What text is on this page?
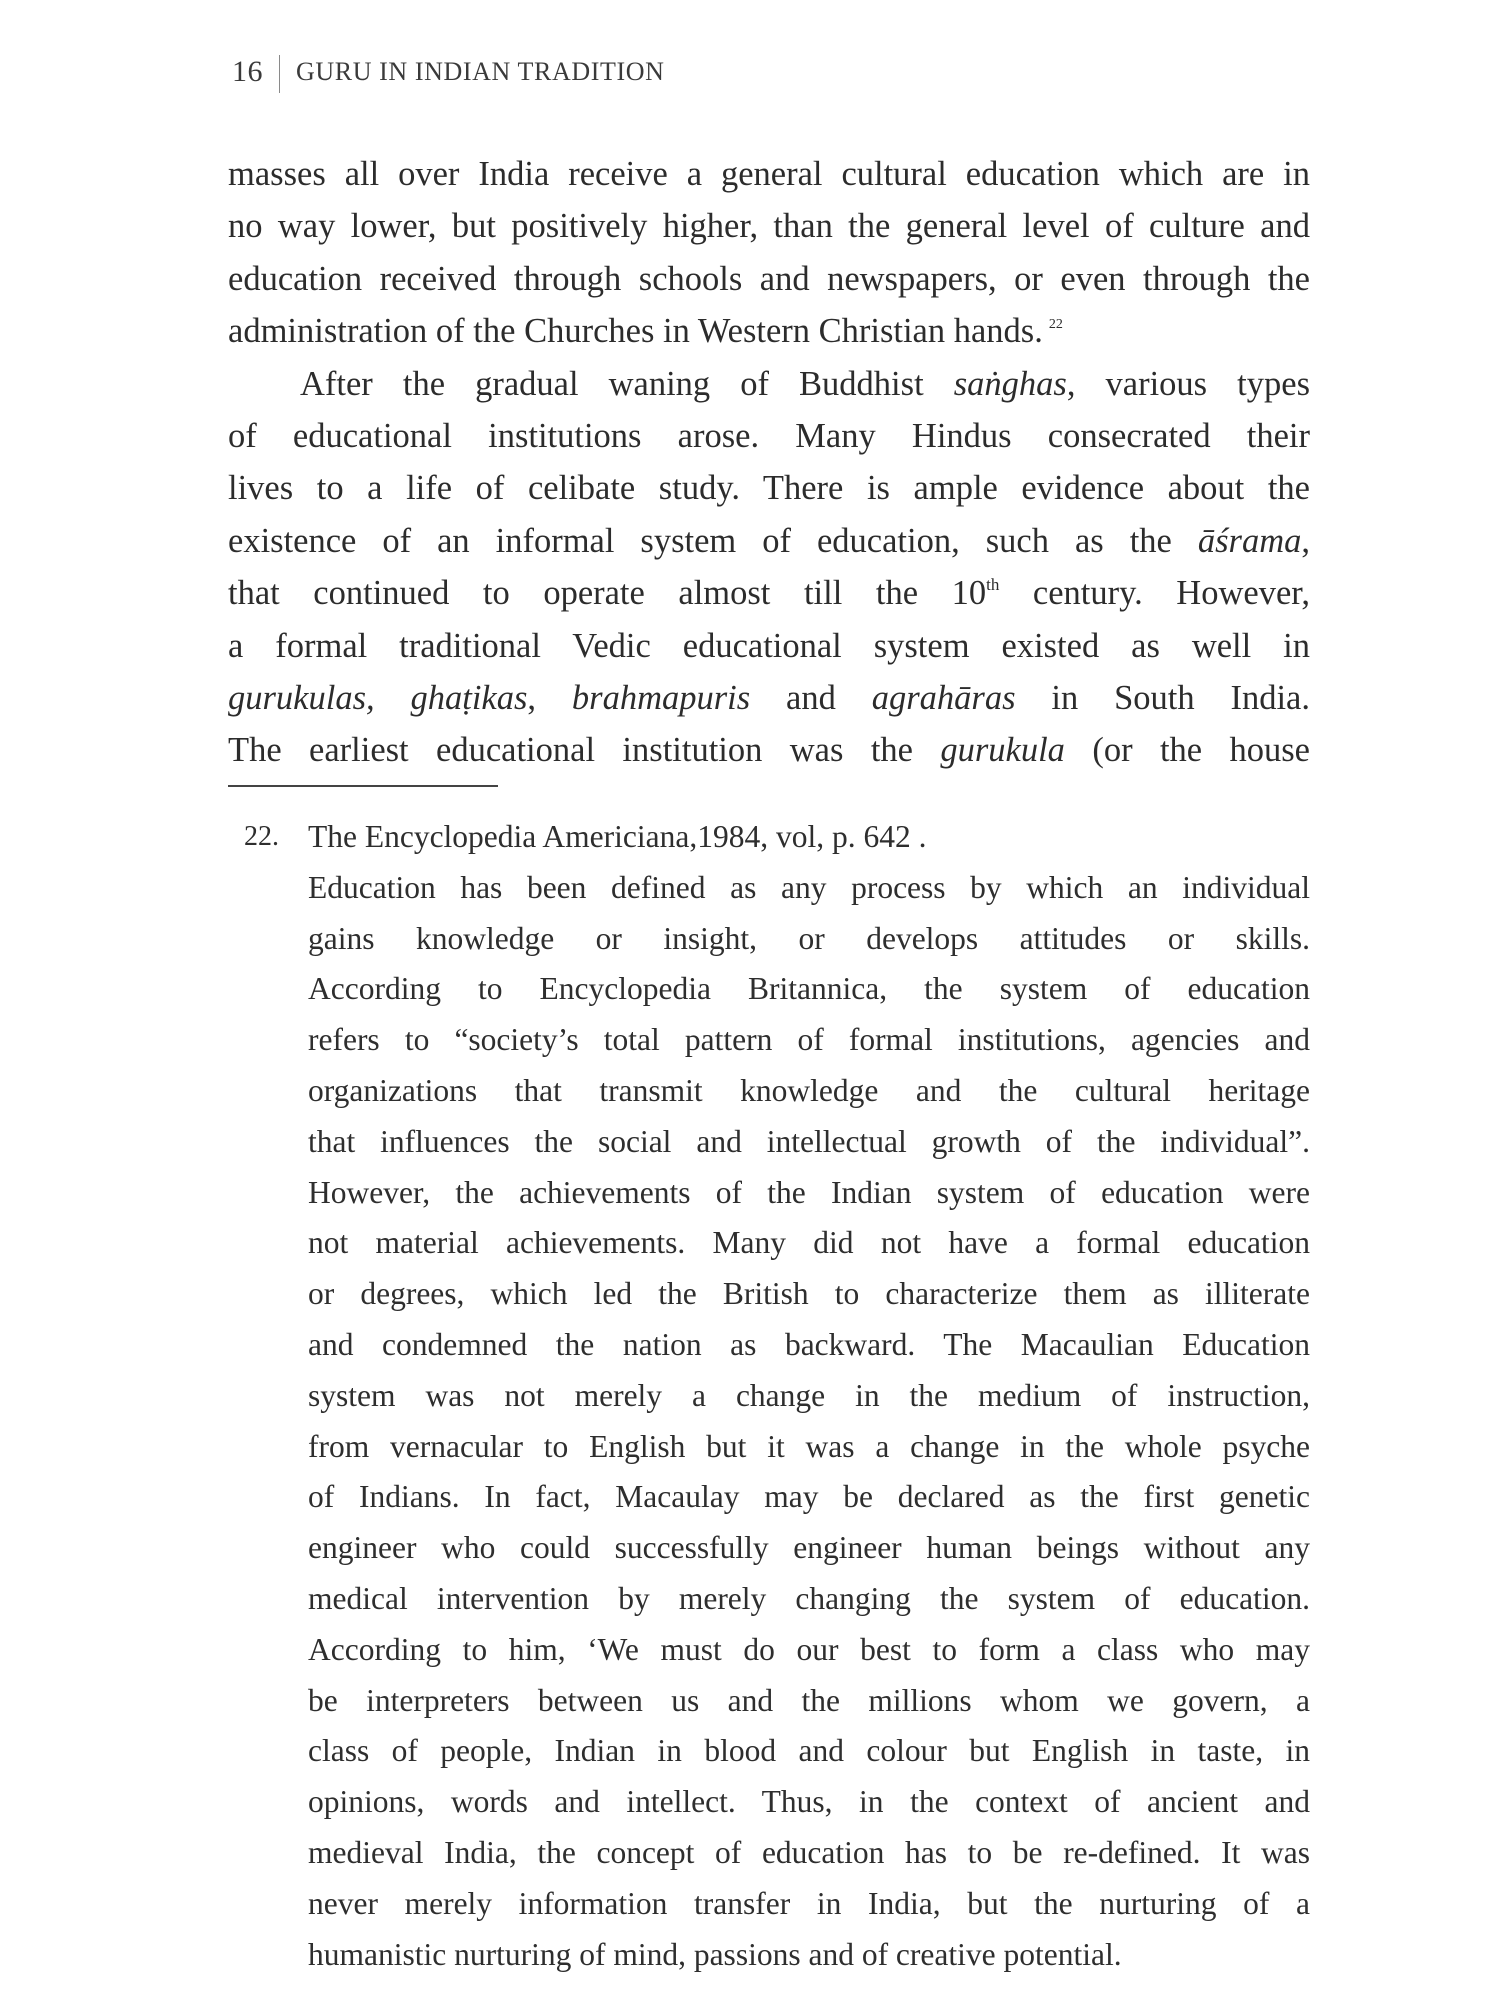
16 GURU IN INDIAN TRADITION
masses all over India receive a general cultural education which are in
no way lower, but positively higher, than the general level of culture and
education received through schools and newspapers, or even through the
administration of the Churches in Western Christian hands. $^{22}$
After the gradual waning of Buddhist saṅghas, various types
of educational institutions arose. Many Hindus consecrated their
lives to a life of celibate study. There is ample evidence about the
existence of an informal system of education, such as the āśrama,
that continued to operate almost till the 10th century. However,
a formal traditional Vedic educational system existed as well in
gurukulas, ghaṭikas, brahmapuris and agrahāras in South India.
The earliest educational institution was the gurukula (or the house
22. The Encyclopedia Americiana,1984, vol, p. 642 .
Education has been defined as any process by which an individual
gains knowledge or insight, or develops attitudes or skills.
According to Encyclopedia Britannica, the system of education
refers to “society’s total pattern of formal institutions, agencies and
organizations that transmit knowledge and the cultural heritage
that influences the social and intellectual growth of the individual”.
However, the achievements of the Indian system of education were
not material achievements. Many did not have a formal education
or degrees, which led the British to characterize them as illiterate
and condemned the nation as backward. The Macaulian Education
system was not merely a change in the medium of instruction,
from vernacular to English but it was a change in the whole psyche
of Indians. In fact, Macaulay may be declared as the first genetic
engineer who could successfully engineer human beings without any
medical intervention by merely changing the system of education.
According to him, ‘We must do our best to form a class who may
be interpreters between us and the millions whom we govern, a
class of people, Indian in blood and colour but English in taste, in
opinions, words and intellect. Thus, in the context of ancient and
medieval India, the concept of education has to be re-defined. It was
never merely information transfer in India, but the nurturing of a
humanistic nurturing of mind, passions and of creative potential.
